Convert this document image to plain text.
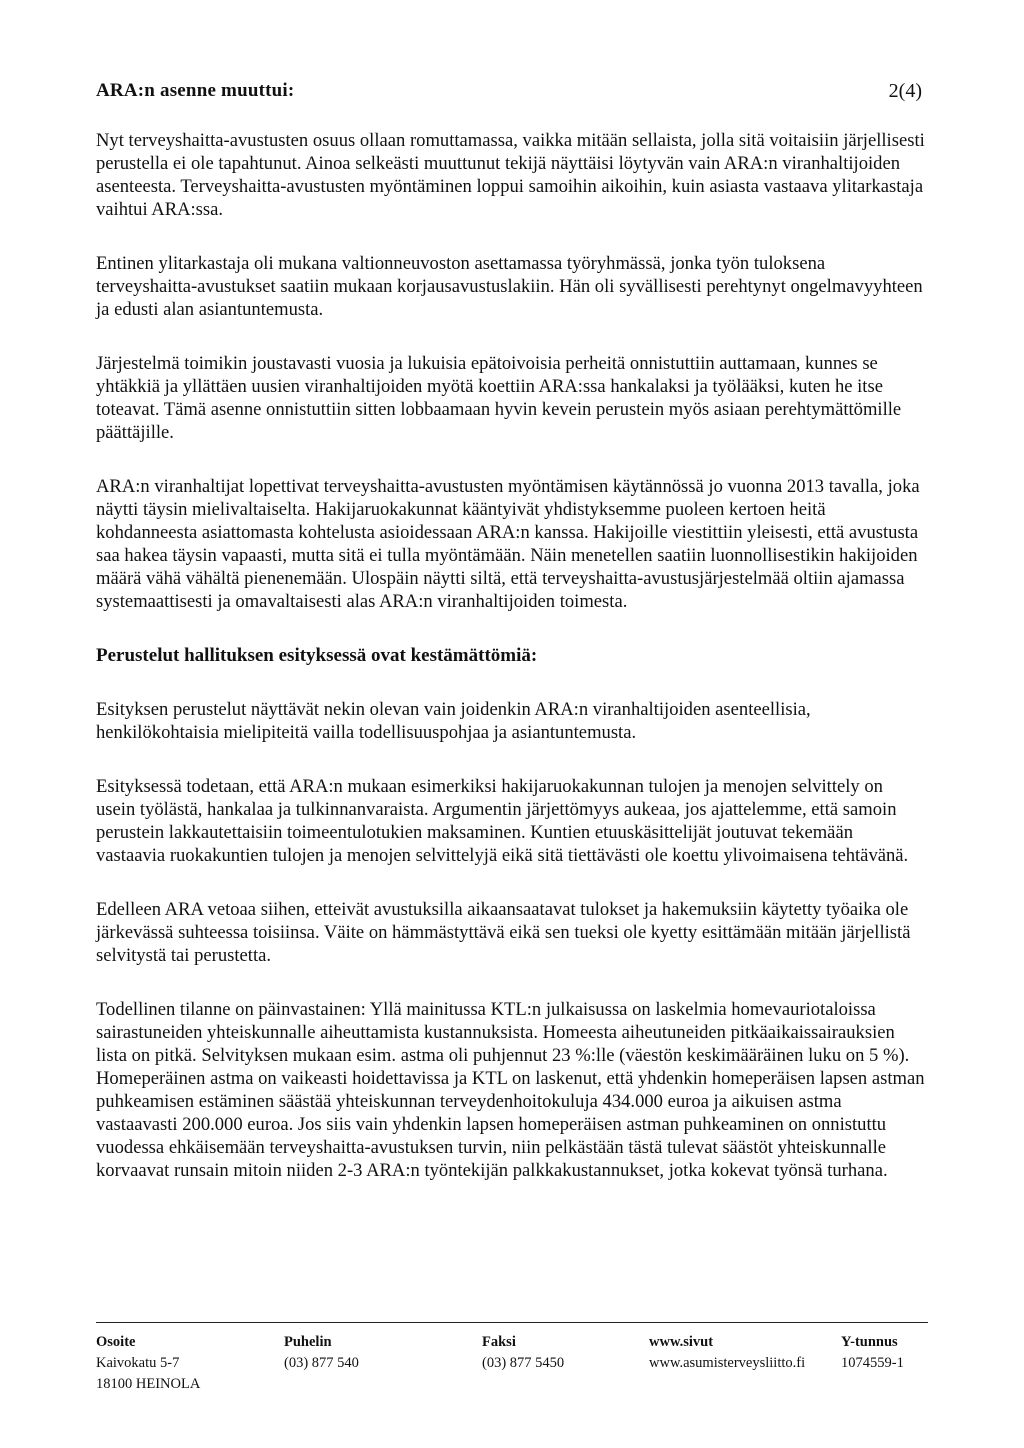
ARA:n asenne muuttui:	2(4)

Nyt terveyshaitta-avustusten osuus ollaan romuttamassa, vaikka mitään sellaista, jolla sitä voitaisiin järjellisesti perustella ei ole tapahtunut. Ainoa selkeästi muuttunut tekijä näyttäisi löytyvän vain ARA:n viranhaltijoiden asenteesta. Terveyshaitta-avustusten myöntäminen loppui samoihin aikoihin, kuin asiasta vastaava ylitarkastaja vaihtui ARA:ssa.

Entinen ylitarkastaja oli mukana valtionneuvoston asettamassa työryhmässä, jonka työn tuloksena terveyshaitta-avustukset saatiin mukaan korjausavustuslakiin. Hän oli syvällisesti perehtynyt ongelmavyyhteen ja edusti alan asiantuntemusta.

Järjestelmä toimikin joustavasti vuosia ja lukuisia epätoivoisia perheitä onnistuttiin auttamaan, kunnes se yhtäkkiä ja yllättäen uusien viranhaltijoiden myötä koettiin ARA:ssa hankalaksi ja työlääksi, kuten he itse toteavat. Tämä asenne onnistuttiin sitten lobbaamaan hyvin kevein perustein myös asiaan perehtymättömille päättäjille.

ARA:n viranhaltijat lopettivat terveyshaitta-avustusten myöntämisen käytännössä jo vuonna 2013 tavalla, joka näytti täysin mielivaltaiselta. Hakijaruokakunnat kääntyivät yhdistyksemme puoleen kertoen heitä kohdanneesta asiattomasta kohtelusta asioidessaan ARA:n kanssa. Hakijoille viestittiin yleisesti, että avustusta saa hakea täysin vapaasti, mutta sitä ei tulla myöntämään. Näin menetellen saatiin luonnollisestikin hakijoiden määrä vähä vähältä pienenemään. Ulospäin näytti siltä, että terveyshaitta-avustusjärjestelmää oltiin ajamassa systemaattisesti ja omavaltaisesti alas ARA:n viranhaltijoiden toimesta.

Perustelut hallituksen esityksessä ovat kestämättömiä:

Esityksen perustelut näyttävät nekin olevan vain joidenkin ARA:n viranhaltijoiden asenteellisia, henkilökohtaisia mielipiteitä vailla todellisuuspohjaa ja asiantuntemusta.

Esityksessä todetaan, että ARA:n mukaan esimerkiksi hakijaruokakunnan tulojen ja menojen selvittely on usein työlästä, hankalaa ja tulkinnanvaraista. Argumentin järjettömyys aukeaa, jos ajattelemme, että samoin perustein lakkautettaisiin toimeentulotukien maksaminen. Kuntien etuuskäsittelijät joutuvat tekemään vastaavia ruokakuntien tulojen ja menojen selvittelyjä eikä sitä tiettävästi ole koettu ylivoimaisena tehtävänä.

Edelleen ARA vetoaa siihen, etteivät avustuksilla aikaansaatavat tulokset ja hakemuksiin käytetty työaika ole järkevässä suhteessa toisiinsa. Väite on hämmästyttävä eikä sen tueksi ole kyetty esittämään mitään järjellistä selvitystä tai perustetta.

Todellinen tilanne on päinvastainen: Yllä mainitussa KTL:n julkaisussa on laskelmia homevauriotaloissa sairastuneiden yhteiskunnalle aiheuttamista kustannuksista. Homeesta aiheutuneiden pitkäaikaissairauksien lista on pitkä. Selvityksen mukaan esim. astma oli puhjennut 23 %:lle (väestön keskimääräinen luku on 5 %). Homeperäinen astma on vaikeasti hoidettavissa ja KTL on laskenut, että yhdenkin homeperäisen lapsen astman puhkeamisen estäminen säästää yhteiskunnan terveydenhoitokuluja 434.000 euroa ja aikuisen astma vastaavasti 200.000 euroa. Jos siis vain yhdenkin lapsen homeperäisen astman puhkeaminen on onnistuttu vuodessa ehkäisemään terveyshaitta-avustuksen turvin, niin pelkästään tästä tulevat säästöt yhteiskunnalle korvaavat runsain mitoin niiden 2-3 ARA:n työntekijän palkkakustannukset, jotka kokevat työnsä turhana.

Osoite
Kaivokatu 5-7
18100 HEINOLA
Puhelin
(03) 877 540
Faksi
(03) 877 5450
www.sivut
www.asumisterveysliitto.fi
Y-tunnus
1074559-1
